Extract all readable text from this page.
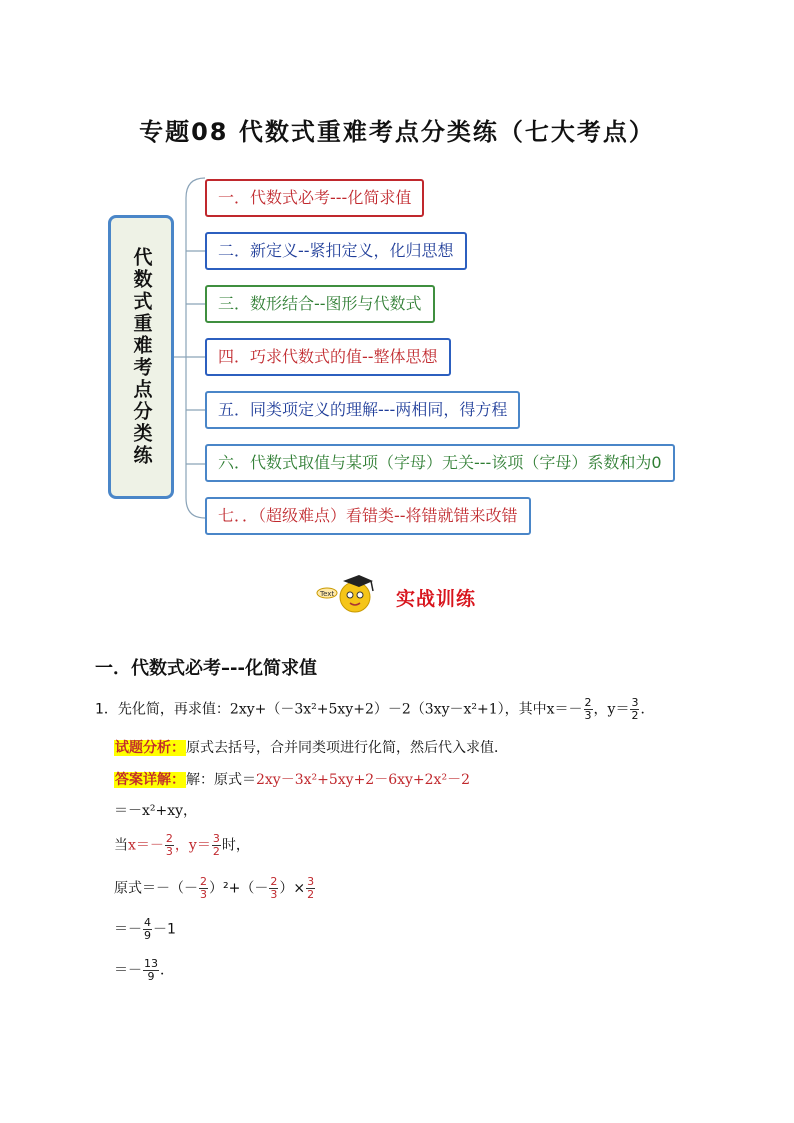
专题08 代数式重难考点分类练（七大考点）
代数式重难考点分类练
一．代数式必考---化简求值
二．新定义--紧扣定义，化归思想
三．数形结合--图形与代数式
四．巧求代数式的值--整体思想
五．同类项定义的理解---两相同，得方程
六．代数式取值与某项（字母）无关---该项（字母）系数和为0
七．．（超级难点）看错类--将错就错来改错
Text	实战训练
一．代数式必考–--化简求值
1．先化简，再求值：2xy+（－3x²+5xy+2）－2（3xy－x²+1），其中$x=- \frac{2}{3}$ ，$y= \frac{3}{2}$ ．
试题分析：原式去括号，合并同类项进行化简，然后代入求值．
答案详解：解：原式＝2xy－3x²+5xy+2－6xy+2x²－2
＝－x²+xy，
当$x=- \frac{2}{3}$ ，$y= \frac{3}{2}$ 时，
原式＝－（－ $\frac{2}{3} )^2+(- \frac{2}{3}$ ）× $\frac{3}{2}$
＝－ $\frac{4}{9} -1$
＝－ $\frac{13}{9}$ ．
